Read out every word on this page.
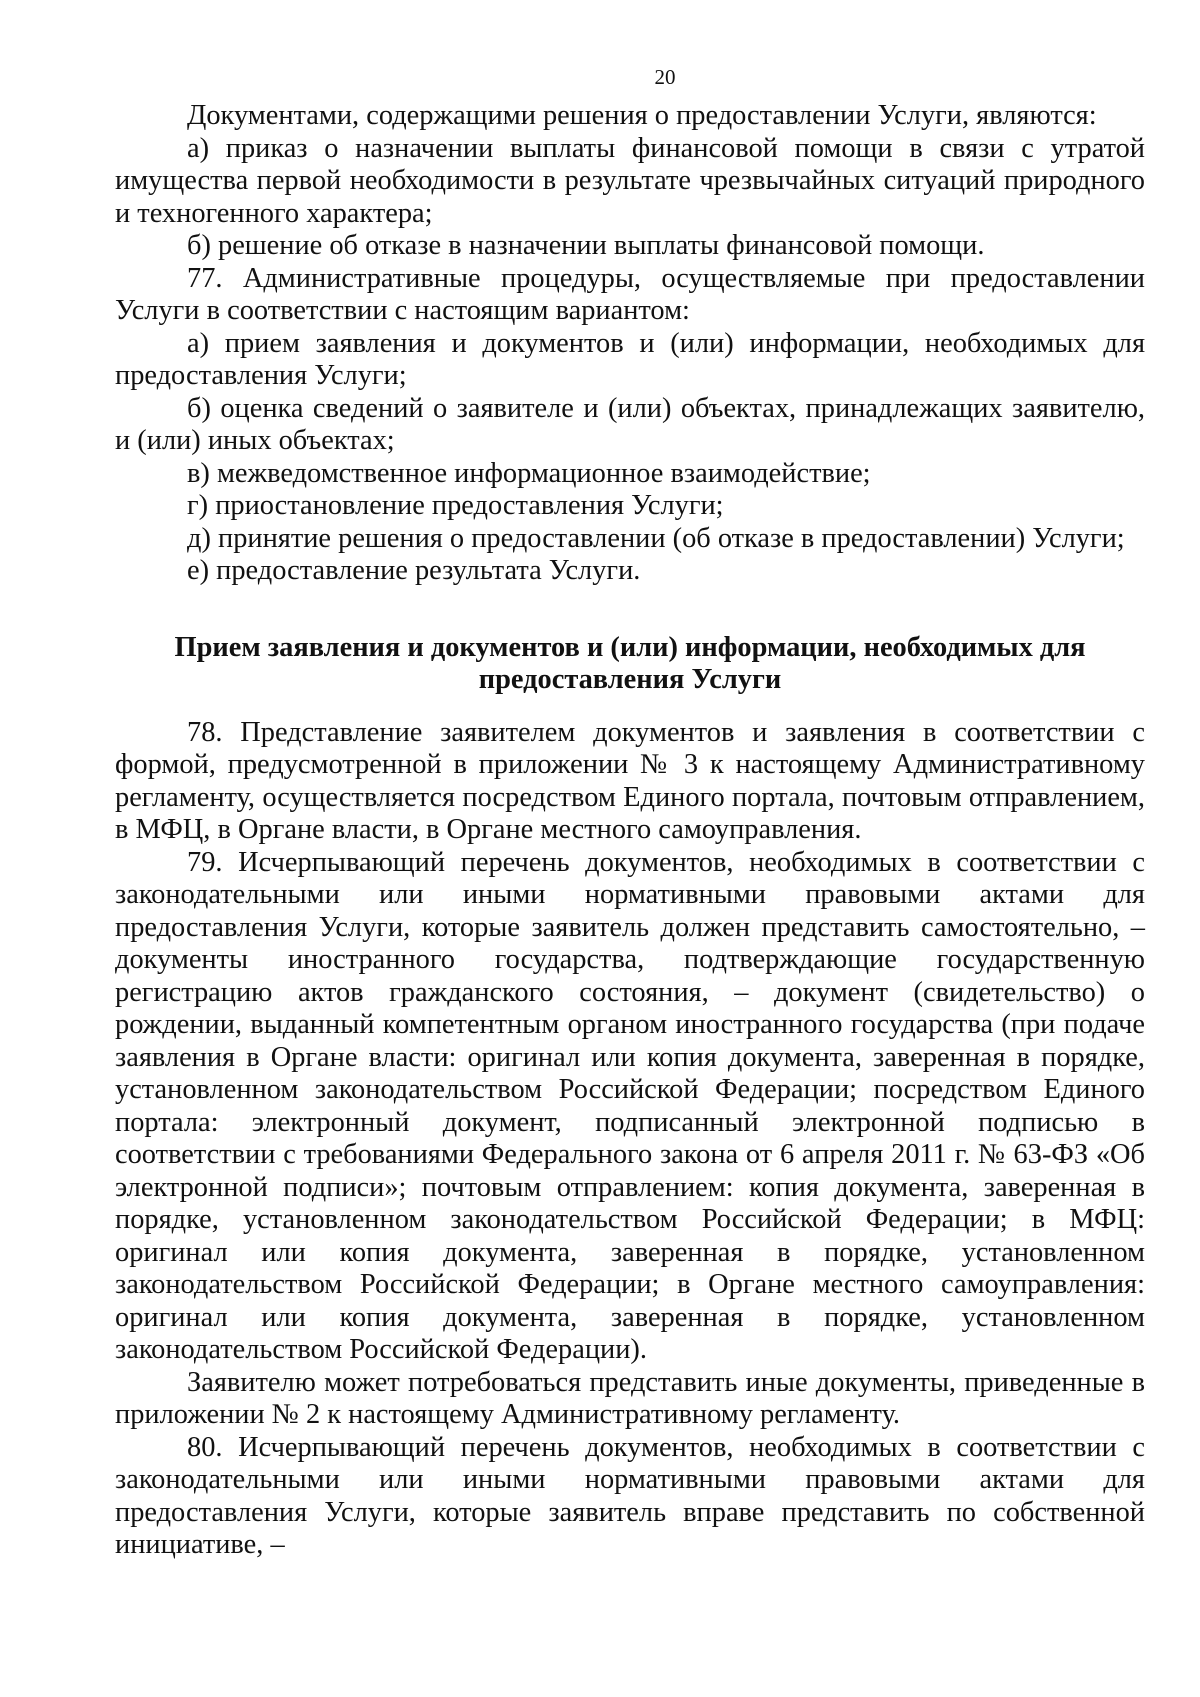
20

Документами, содержащими решения о предоставлении Услуги, являются:

а) приказ о назначении выплаты финансовой помощи в связи с утратой имущества первой необходимости в результате чрезвычайных ситуаций природного и техногенного характера;

б) решение об отказе в назначении выплаты финансовой помощи.

77. Административные процедуры, осуществляемые при предоставлении Услуги в соответствии с настоящим вариантом:

а) прием заявления и документов и (или) информации, необходимых для предоставления Услуги;

б) оценка сведений о заявителе и (или) объектах, принадлежащих заявителю, и (или) иных объектах;

в) межведомственное информационное взаимодействие;

г) приостановление предоставления Услуги;

д) принятие решения о предоставлении (об отказе в предоставлении) Услуги;

е) предоставление результата Услуги.

Прием заявления и документов и (или) информации, необходимых для предоставления Услуги

78. Представление заявителем документов и заявления в соответствии с формой, предусмотренной в приложении № 3 к настоящему Административному регламенту, осуществляется посредством Единого портала, почтовым отправлением, в МФЦ, в Органе власти, в Органе местного самоуправления.

79. Исчерпывающий перечень документов, необходимых в соответствии с законодательными или иными нормативными правовыми актами для предоставления Услуги, которые заявитель должен представить самостоятельно, – документы иностранного государства, подтверждающие государственную регистрацию актов гражданского состояния, – документ (свидетельство) о рождении, выданный компетентным органом иностранного государства (при подаче заявления в Органе власти: оригинал или копия документа, заверенная в порядке, установленном законодательством Российской Федерации; посредством Единого портала: электронный документ, подписанный электронной подписью в соответствии с требованиями Федерального закона от 6 апреля 2011 г. № 63-ФЗ «Об электронной подписи»; почтовым отправлением: копия документа, заверенная в порядке, установленном законодательством Российской Федерации; в МФЦ: оригинал или копия документа, заверенная в порядке, установленном законодательством Российской Федерации; в Органе местного самоуправления: оригинал или копия документа, заверенная в порядке, установленном законодательством Российской Федерации).

Заявителю может потребоваться представить иные документы, приведенные в приложении № 2 к настоящему Административному регламенту.

80. Исчерпывающий перечень документов, необходимых в соответствии с законодательными или иными нормативными правовыми актами для предоставления Услуги, которые заявитель вправе представить по собственной инициативе, –
